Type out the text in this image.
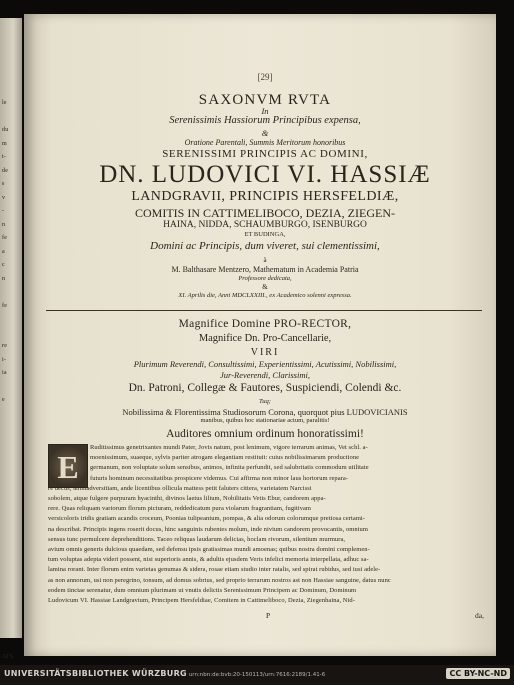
le
du
m
t-
de
s
v
-
n
fe
a
c
n
fe
re
i-
ia
e
ATS
[29]
SAXONVM RVTA
In
Serenissimis Hassiorum Principibus expensa,
&
Oratione Parentali, Summis Meritorum honoribus
SERENISSIMI PRINCIPIS AC DOMINI,
DN. LUDOVICI VI. HASSIÆ
LANDGRAVII, PRINCIPIS HERSFELDIÆ,
COMITIS IN CATTIMELIBOCO, DEZIA, ZIEGEN-
HAINA, NIDDA, SCHAUMBURGO, ISENBURGO
ET BUDINGA,
Domini ac Principis, dum viveret, sui clementissimi,
à
M. Balthasare Mentzero, Mathematum in Academia Patria
Professore dedicata,
&
XI. Aprilis die, Anni MDCLXXIII., ex Academico solenni expressa.
Magnifice Domine PRO-RECTOR,
Magnifice Dn. Pro-Cancellarie,
VIRI
Plurimum Reverendi, Consultissimi, Experientissimi, Acutissimi, Nobilissimi,
Jur-Reverendi, Clarissimi,
Dn. Patroni, Collegæ & Fautores, Suspiciendi, Colendi &c.
Tuq;
Nobilissima & Florentissima Studiosorum Corona, quorquot pius LUDOVICIANIS
manibus, quibus hoc stationariae actum, paralitis!
Auditores omnium ordinum honoratissimi!
E
Ruditissimus genetrixantes mundi Pater, Jovis natum, post lenimum, vigore terrarum animas, Vet schl. a-
moenissimum, suaeque, sylvis pariter atrogam elegantiam restituit: cuius nobilissimarum productione
germanum, non voluptate solum sensibus, animos, infinita perfundit, sed salubritatis commodum utilitate
futuris hominum necessitatibus prospicere videmus. Cui affirma non minor laus hortorum repara-
re decus, animadversitiam, ande licentibus ollicula mattess petit faluters cittera, varietatem Narcissi
sobolem, atque fulgere purpuram hyacinthi, divinos laetus lilium, Nobilitatis Vetis Ebur, candorem appa-
rere. Quas reliquam variorum florum picturam, reddedicatum pura violarum fragrantiam, fugitivam
versicoloris iridis gratiam acandis croceum, Poonias tulipeantum, pompas, & alia odorum colorumque pretiosa certami-
na describat. Principis ingens roserit docus, hinc sanguinis rubentes molum, inde nivium candorem provocantis, omnium
sensus tunc permulcere deprehenditions. Taceo reliquas laudarum delicias, hoclam rivorum, silentium murmura,
avium omnis generis dulcious quaedam, sed defensu ipsis gratissimas mundi amoenas; quibus nostra domini complemen-
tum voluptas adepta videri possent, nisi superioris annis, & adultis ejusdem Veris infelici memoria interpellata, adhuc sa-
lamina rorant. Inter florum enim varietas genumas & sidera, rosae etiam studio inter ratalis, sed spirat rubidus, sed iusi adele-
as non annorum, usi non peregrino, tonsum, ad domus sobrius, sed proprio terrarum nostros ast non Hassiae sanguine, datus nunc
eodem tinctae serenatur, dum omnium plurimam ut vnutis delictis Serenissimum Principem ac Dominum, Dominum
Ludovicum VI. Hassiae Landgravium, Principem Hersfeldiae, Comitem in Cattimeliboco, Dezia, Ziegenhaina, Nid-
P	da,
UNIVERSITÄTSBIBLIOTHEK WÜRZBURG urn:nbn:de:bvb:20-150113/urn:7616:2189/1.41-6	CC BY-NC-ND
